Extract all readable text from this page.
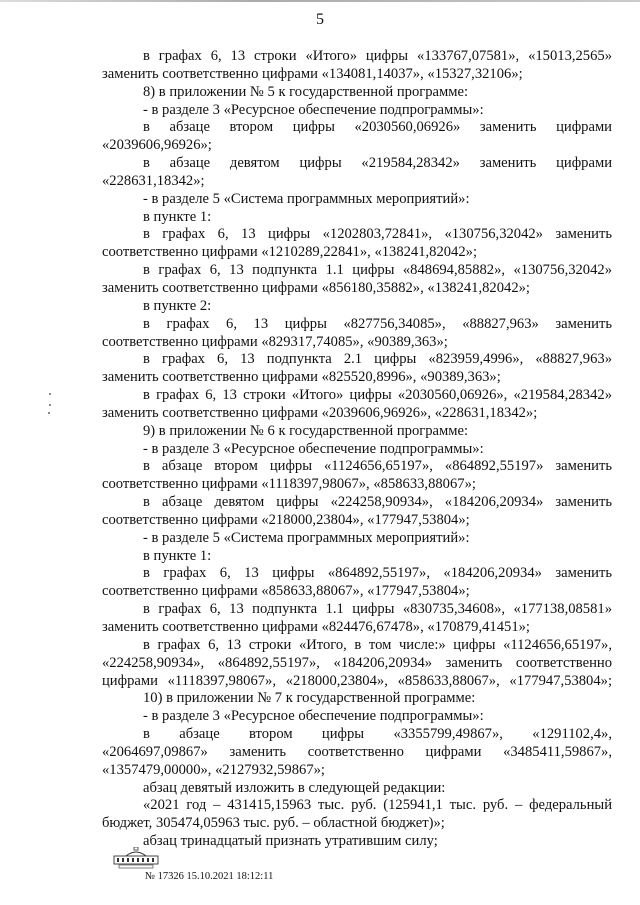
5
в графах 6, 13 строки «Итого» цифры «133767,07581», «15013,2565»
заменить соответственно цифрами «134081,14037», «15327,32106»;
8) в приложении № 5 к государственной программе:
- в разделе 3 «Ресурсное обеспечение подпрограммы»:
в абзаце втором цифры «2030560,06926» заменить цифрами
«2039606,96926»;
в абзаце девятом цифры «219584,28342» заменить цифрами
«228631,18342»;
- в разделе 5 «Система программных мероприятий»:
в пункте 1:
в графах 6, 13 цифры «1202803,72841», «130756,32042» заменить
соответственно цифрами «1210289,22841», «138241,82042»;
в графах 6, 13 подпункта 1.1 цифры «848694,85882», «130756,32042»
заменить соответственно цифрами «856180,35882», «138241,82042»;
в пункте 2:
в графах 6, 13 цифры «827756,34085», «88827,963» заменить
соответственно цифрами «829317,74085», «90389,363»;
в графах 6, 13 подпункта 2.1 цифры «823959,4996», «88827,963»
заменить соответственно цифрами «825520,8996», «90389,363»;
в графах 6, 13 строки «Итого» цифры «2030560,06926», «219584,28342»
заменить соответственно цифрами «2039606,96926», «228631,18342»;
9) в приложении № 6 к государственной программе:
- в разделе 3 «Ресурсное обеспечение подпрограммы»:
в абзаце втором цифры «1124656,65197», «864892,55197» заменить
соответственно цифрами «1118397,98067», «858633,88067»;
в абзаце девятом цифры «224258,90934», «184206,20934» заменить
соответственно цифрами «218000,23804», «177947,53804»;
- в разделе 5 «Система программных мероприятий»:
в пункте 1:
в графах 6, 13 цифры «864892,55197», «184206,20934» заменить
соответственно цифрами «858633,88067», «177947,53804»;
в графах 6, 13 подпункта 1.1 цифры «830735,34608», «177138,08581»
заменить соответственно цифрами «824476,67478», «170879,41451»;
в графах 6, 13 строки «Итого, в том числе:» цифры «1124656,65197»,
«224258,90934», «864892,55197», «184206,20934» заменить соответственно
цифрами «1118397,98067», «218000,23804», «858633,88067», «177947,53804»;
10) в приложении № 7 к государственной программе:
- в разделе 3 «Ресурсное обеспечение подпрограммы»:
в абзаце втором цифры «3355799,49867», «1291102,4»,
«2064697,09867» заменить соответственно цифрами «3485411,59867»,
«1357479,00000», «2127932,59867»;
абзац девятый изложить в следующей редакции:
«2021 год – 431415,15963 тыс. руб. (125941,1 тыс. руб. – федеральный
бюджет, 305474,05963 тыс. руб. – областной бюджет)»;
абзац тринадцатый признать утратившим силу;
№ 17326 15.10.2021 18:12:11
